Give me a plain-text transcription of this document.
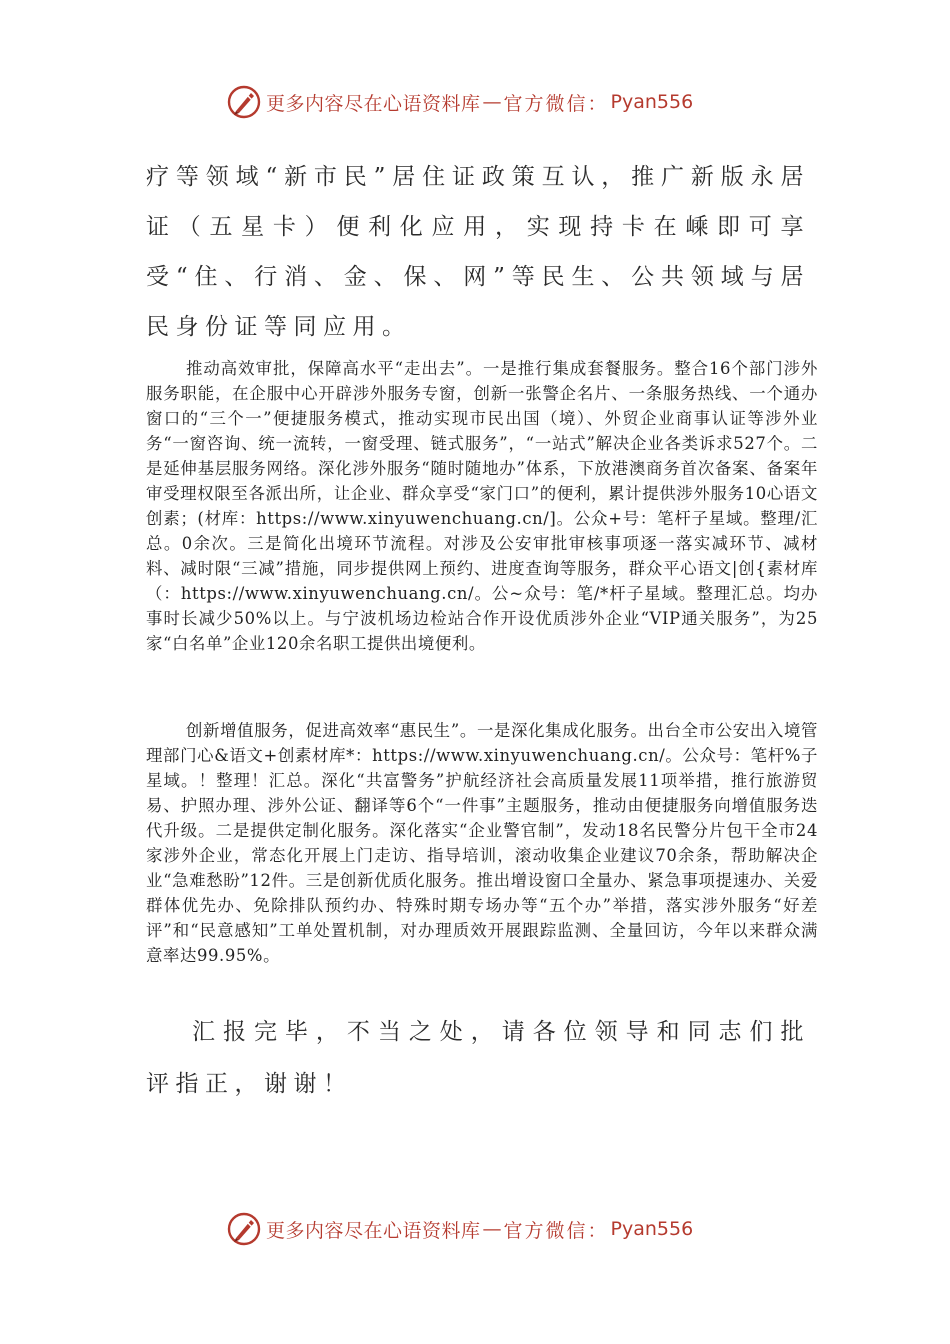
更多内容尽在心语资料库 — 官方微信： Pyan556

疗等领域“新市民”居住证政策互认，推广新版永居证（五星卡）便利化应用，实现持卡在嵊即可享受“住、行消、金、保、网”等民生、公共领域与居民身份证等同应用。

推动高效审批，保障高水平“走出去”。一是推行集成套餐服务。整合16个部门涉外服务职能，在企服中心开辟涉外服务专窗，创新一张警企名片、一条服务热线、一个通办窗口的“三个一”便捷服务模式，推动实现市民出国（境）、外贸企业商事认证等涉外业务“一窗咨询、统一流转，一窗受理、链式服务”，“一站式”解决企业各类诉求527个。二是延伸基层服务网络。深化涉外服务“随时随地办”体系，下放港澳商务首次备案、备案年审受理权限至各派出所，让企业、群众享受“家门口”的便利，累计提供涉外服务10心语文创素；(材库：https://www.xinyuwenchuang.cn/]。公众+号：笔杆子星域。整理/汇总。0余次。三是简化出境环节流程。对涉及公安审批审核事项逐一落实减环节、减材料、减时限“三减”措施，同步提供网上预约、进度查询等服务，群众平心语文|创{素材库（：https://www.xinyuwenchuang.cn/。公~众号：笔/*杆子星域。整理汇总。均办事时长减少50%以上。与宁波机场边检站合作开设优质涉外企业“VIP通关服务”，为25家“白名单”企业120余名职工提供出境便利。

创新增值服务，促进高效率“惠民生”。一是深化集成化服务。出台全市公安出入境管理部门心&语文+创素材库*：https://www.xinyuwenchuang.cn/。公众号：笔杆%子星域。！整理！汇总。深化“共富警务”护航经济社会高质量发展11项举措，推行旅游贸易、护照办理、涉外公证、翻译等6个“一件事”主题服务，推动由便捷服务向增值服务迭代升级。二是提供定制化服务。深化落实“企业警官制”，发动18名民警分片包干全市24家涉外企业，常态化开展上门走访、指导培训，滚动收集企业建议70余条，帮助解决企业“急难愁盼”12件。三是创新优质化服务。推出增设窗口全量办、紧急事项提速办、关爱群体优先办、免除排队预约办、特殊时期专场办等“五个办”举措，落实涉外服务“好差评”和“民意感知”工单处置机制，对办理质效开展跟踪监测、全量回访，今年以来群众满意率达99.95%。

汇报完毕，不当之处，请各位领导和同志们批评指正，谢谢！

更多内容尽在心语资料库 — 官方微信： Pyan556
